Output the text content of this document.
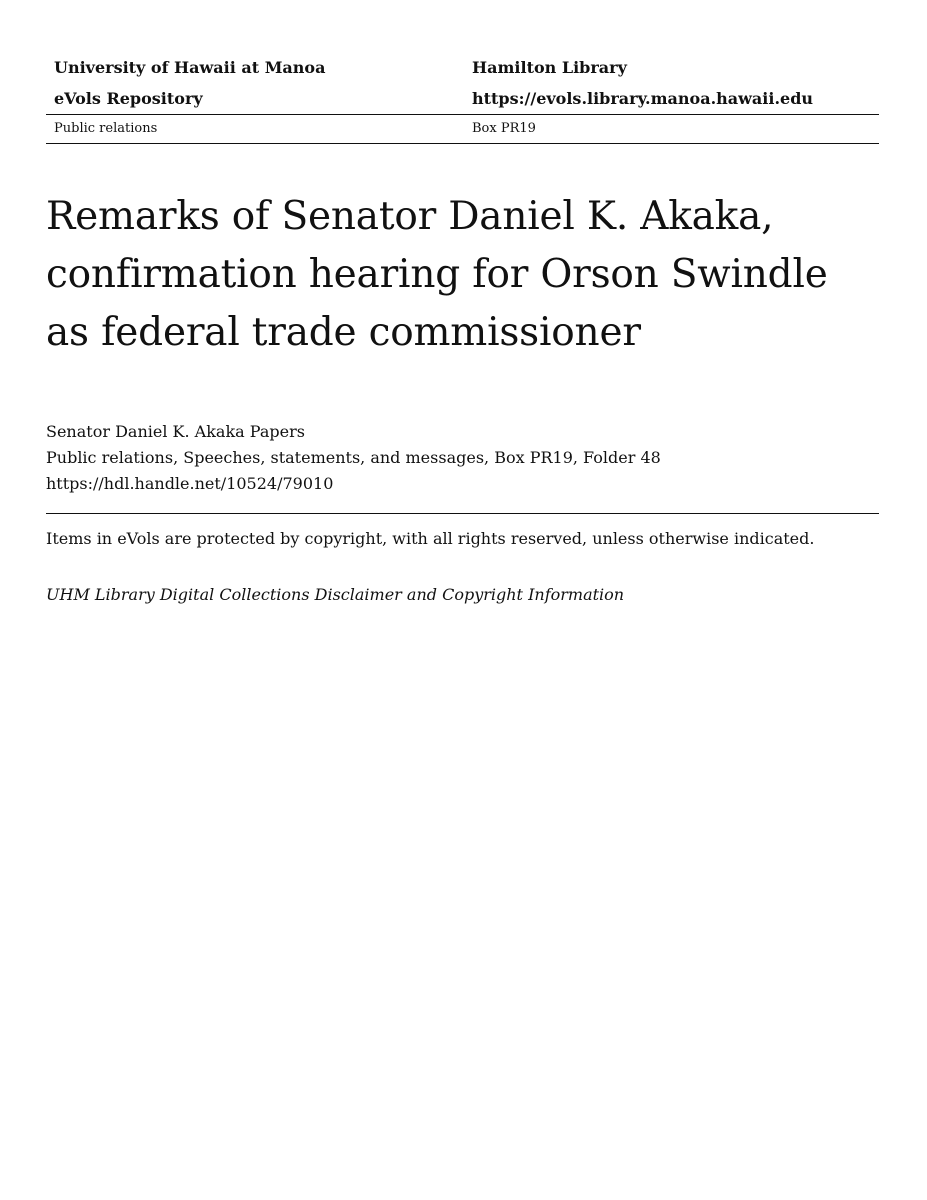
University of Hawaii at Manoa	Hamilton Library
eVols Repository	https://evols.library.manoa.hawaii.edu
Public relations	Box PR19
Remarks of Senator Daniel K. Akaka, confirmation hearing for Orson Swindle as federal trade commissioner
Senator Daniel K. Akaka Papers
Public relations, Speeches, statements, and messages, Box PR19, Folder 48
https://hdl.handle.net/10524/79010
Items in eVols are protected by copyright, with all rights reserved, unless otherwise indicated.
UHM Library Digital Collections Disclaimer and Copyright Information
